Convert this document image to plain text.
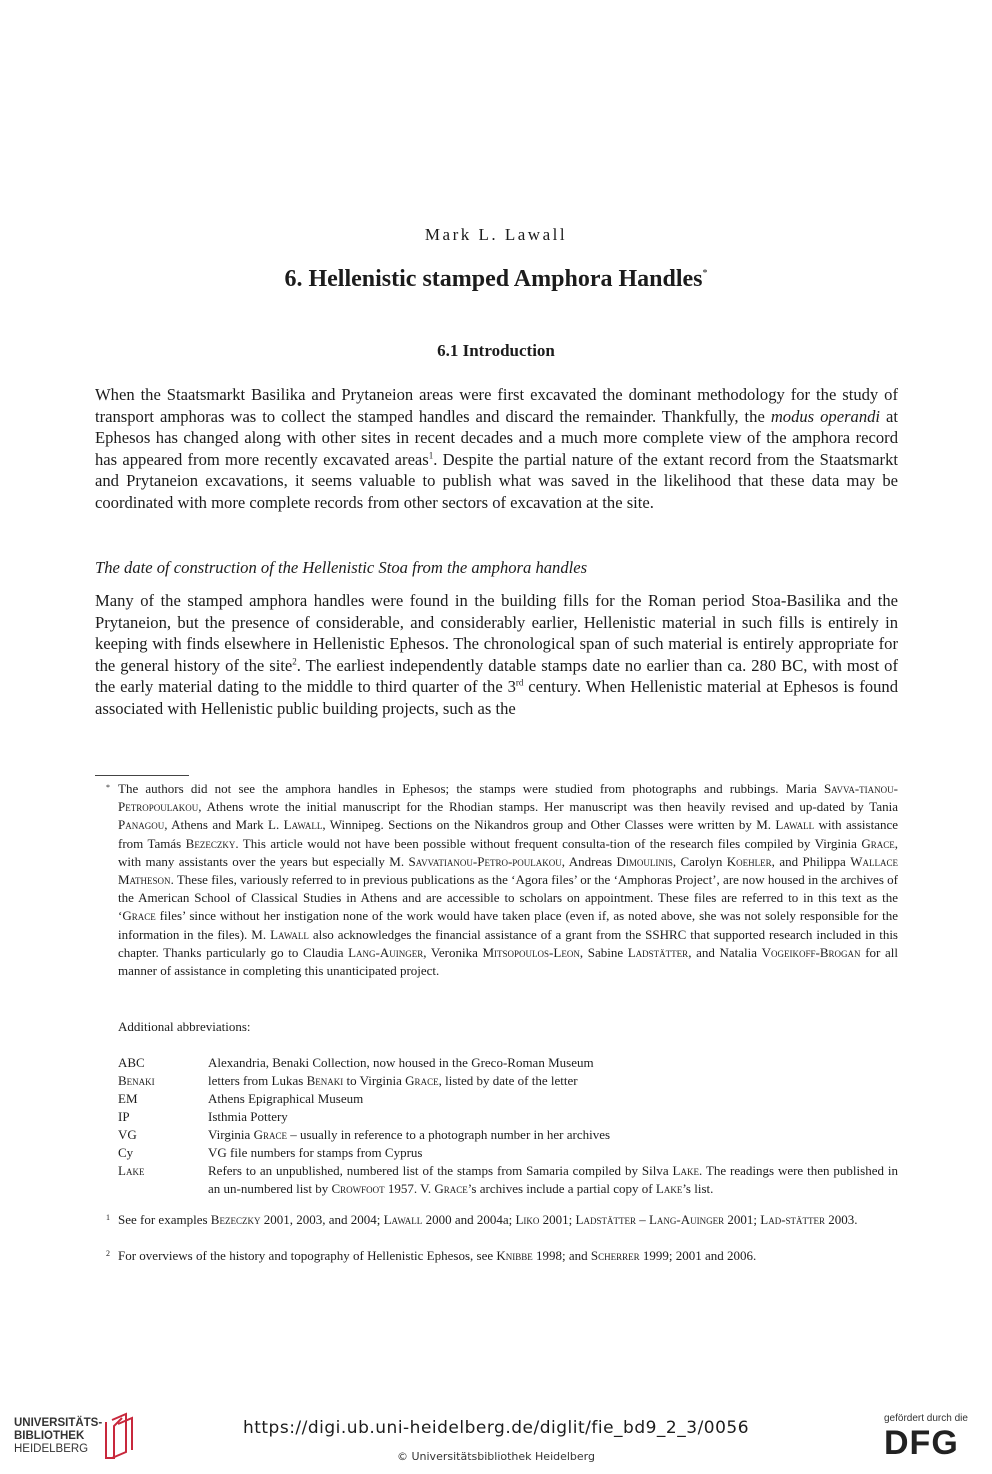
Mark L. Lawall
6. Hellenistic stamped Amphora Handles*
6.1 Introduction

When the Staatsmarkt Basilika and Prytaneion areas were first excavated the dominant methodology for the study of transport amphoras was to collect the stamped handles and discard the remainder. Thankfully, the modus operandi at Ephesos has changed along with other sites in recent decades and a much more complete view of the amphora record has appeared from more recently excavated areas$^1$. Despite the partial nature of the extant record from the Staatsmarkt and Prytaneion excavations, it seems valuable to publish what was saved in the likelihood that these data may be coordinated with more complete records from other sectors of excavation at the site.

The date of construction of the Hellenistic Stoa from the amphora handles

Many of the stamped amphora handles were found in the building fills for the Roman period Stoa-Basilika and the Prytaneion, but the presence of considerable, and considerably earlier, Hellenistic material in such fills is entirely in keeping with finds elsewhere in Hellenistic Ephesos. The chronological span of such material is entirely appropriate for the general history of the site$^2$. The earliest independently datable stamps date no earlier than ca. 280 BC, with most of the early material dating to the middle to third quarter of the 3rd century. When Hellenistic material at Ephesos is found associated with Hellenistic public building projects, such as the

* The authors did not see the amphora handles in Ephesos; the stamps were studied from photographs and rubbings. Maria Savva-tianou-Petropoulakou, Athens wrote the initial manuscript for the Rhodian stamps. Her manuscript was then heavily revised and up-dated by Tania Panagou, Athens and Mark L. Lawall, Winnipeg. Sections on the Nikandros group and Other Classes were written by M. Lawall with assistance from Tamás Bezeczky. This article would not have been possible without frequent consulta-tion of the research files compiled by Virginia Grace, with many assistants over the years but especially M. Savvatianou-Petro-poulakou, Andreas Dimoulinis, Carolyn Koehler, and Philippa Wallace Matheson. These files, variously referred to in previous publications as the ‘Agora files’ or the ‘Amphoras Project’, are now housed in the archives of the American School of Classical Studies in Athens and are accessible to scholars on appointment. These files are referred to in this text as the ‘Grace files’ since without her instigation none of the work would have taken place (even if, as noted above, she was not solely responsible for the information in the files). M. Lawall also acknowledges the financial assistance of a grant from the SSHRC that supported research included in this chapter. Thanks particularly go to Claudia Lang-Auinger, Veronika Mitsopoulos-Leon, Sabine Ladstätter, and Natalia Vogeikoff-Brogan for all manner of assistance in completing this unanticipated project.

Additional abbreviations:
ABC	Alexandria, Benaki Collection, now housed in the Greco-Roman Museum
Benaki	letters from Lukas Benaki to Virginia Grace, listed by date of the letter
EM	Athens Epigraphical Museum
IP	Isthmia Pottery
VG	Virginia Grace – usually in reference to a photograph number in her archives
Cy	VG file numbers for stamps from Cyprus
Lake	Refers to an unpublished, numbered list of the stamps from Samaria compiled by Silva Lake. The readings were then published in an un-numbered list by Crowfoot 1957. V. Grace’s archives include a partial copy of Lake’s list.
1 See for examples Bezeczky 2001, 2003, and 2004; Lawall 2000 and 2004a; Liko 2001; Ladstätter – Lang-Auinger 2001; Lad-stätter 2003.

2 For overviews of the history and topography of Hellenistic Ephesos, see Knibbe 1998; and Scherrer 1999; 2001 and 2006.

UNIVERSITÄTS-
BIBLIOTHEK
HEIDELBERG
https://digi.ub.uni-heidelberg.de/diglit/fie_bd9_2_3/0056
© Universitätsbibliothek Heidelberg
gefördert durch die
DFG
